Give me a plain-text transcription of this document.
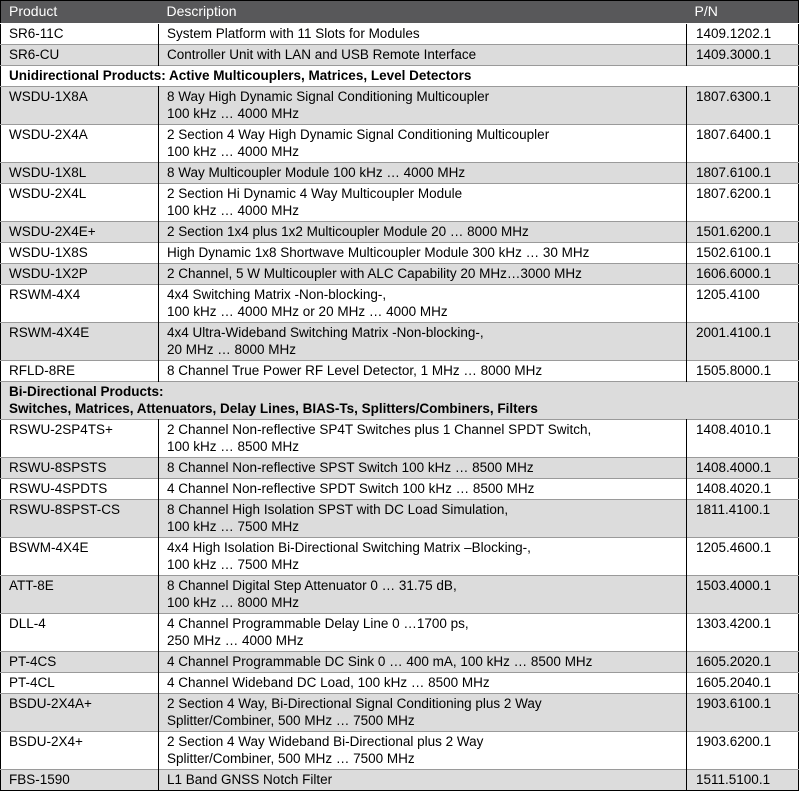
Product	Description	P/N
SR6-11C	System Platform with 11 Slots for Modules	1409.1202.1
SR6-CU	Controller Unit with LAN and USB Remote Interface	1409.3000.1
Unidirectional Products: Active Multicouplers, Matrices, Level Detectors		
WSDU-1X8A	8 Way High Dynamic Signal Conditioning Multicoupler
100 kHz … 4000 MHz	1807.6300.1
WSDU-2X4A	2 Section 4 Way High Dynamic Signal Conditioning Multicoupler
100 kHz … 4000 MHz	1807.6400.1
WSDU-1X8L	8 Way Multicoupler Module 100 kHz … 4000 MHz	1807.6100.1
WSDU-2X4L	2 Section Hi Dynamic 4 Way Multicoupler Module
100 kHz … 4000 MHz	1807.6200.1
WSDU-2X4E+	2 Section 1x4 plus 1x2 Multicoupler Module 20 … 8000 MHz	1501.6200.1
WSDU-1X8S	High Dynamic 1x8 Shortwave Multicoupler Module 300 kHz … 30 MHz	1502.6100.1
WSDU-1X2P	2 Channel, 5 W Multicoupler with ALC Capability 20 MHz…3000 MHz	1606.6000.1
RSWM-4X4	4x4 Switching Matrix -Non-blocking-,
100 kHz … 4000 MHz or 20 MHz … 4000 MHz	1205.4100
RSWM-4X4E	4x4 Ultra-Wideband Switching Matrix -Non-blocking-,
20 MHz … 8000 MHz	2001.4100.1
RFLD-8RE	8 Channel True Power RF Level Detector, 1 MHz … 8000 MHz	1505.8000.1
Bi-Directional Products:
Switches, Matrices, Attenuators, Delay Lines, BIAS-Ts, Splitters/Combiners, Filters		
RSWU-2SP4TS+	2 Channel Non-reflective SP4T Switches plus 1 Channel SPDT Switch,
100 kHz … 8500 MHz	1408.4010.1
RSWU-8SPSTS	8 Channel Non-reflective SPST Switch 100 kHz … 8500 MHz	1408.4000.1
RSWU-4SPDTS	4 Channel Non-reflective SPDT Switch 100 kHz … 8500 MHz	1408.4020.1
RSWU-8SPST-CS	8 Channel High Isolation SPST with DC Load Simulation,
100 kHz … 7500 MHz	1811.4100.1
BSWM-4X4E	4x4 High Isolation Bi-Directional Switching Matrix –Blocking-,
100 kHz … 7500 MHz	1205.4600.1
ATT-8E	8 Channel Digital Step Attenuator 0 … 31.75 dB,
100 kHz … 8000 MHz	1503.4000.1
DLL-4	4 Channel Programmable Delay Line 0 …1700 ps,
250 MHz … 4000 MHz	1303.4200.1
PT-4CS	4 Channel Programmable DC Sink 0 … 400 mA, 100 kHz … 8500 MHz	1605.2020.1
PT-4CL	4 Channel Wideband DC Load, 100 kHz … 8500 MHz	1605.2040.1
BSDU-2X4A+	2 Section 4 Way, Bi-Directional Signal Conditioning plus 2 Way
Splitter/Combiner, 500 MHz … 7500 MHz	1903.6100.1
BSDU-2X4+	2 Section 4 Way Wideband Bi-Directional plus 2 Way
Splitter/Combiner, 500 MHz … 7500 MHz	1903.6200.1
FBS-1590	L1 Band GNSS Notch Filter	1511.5100.1
